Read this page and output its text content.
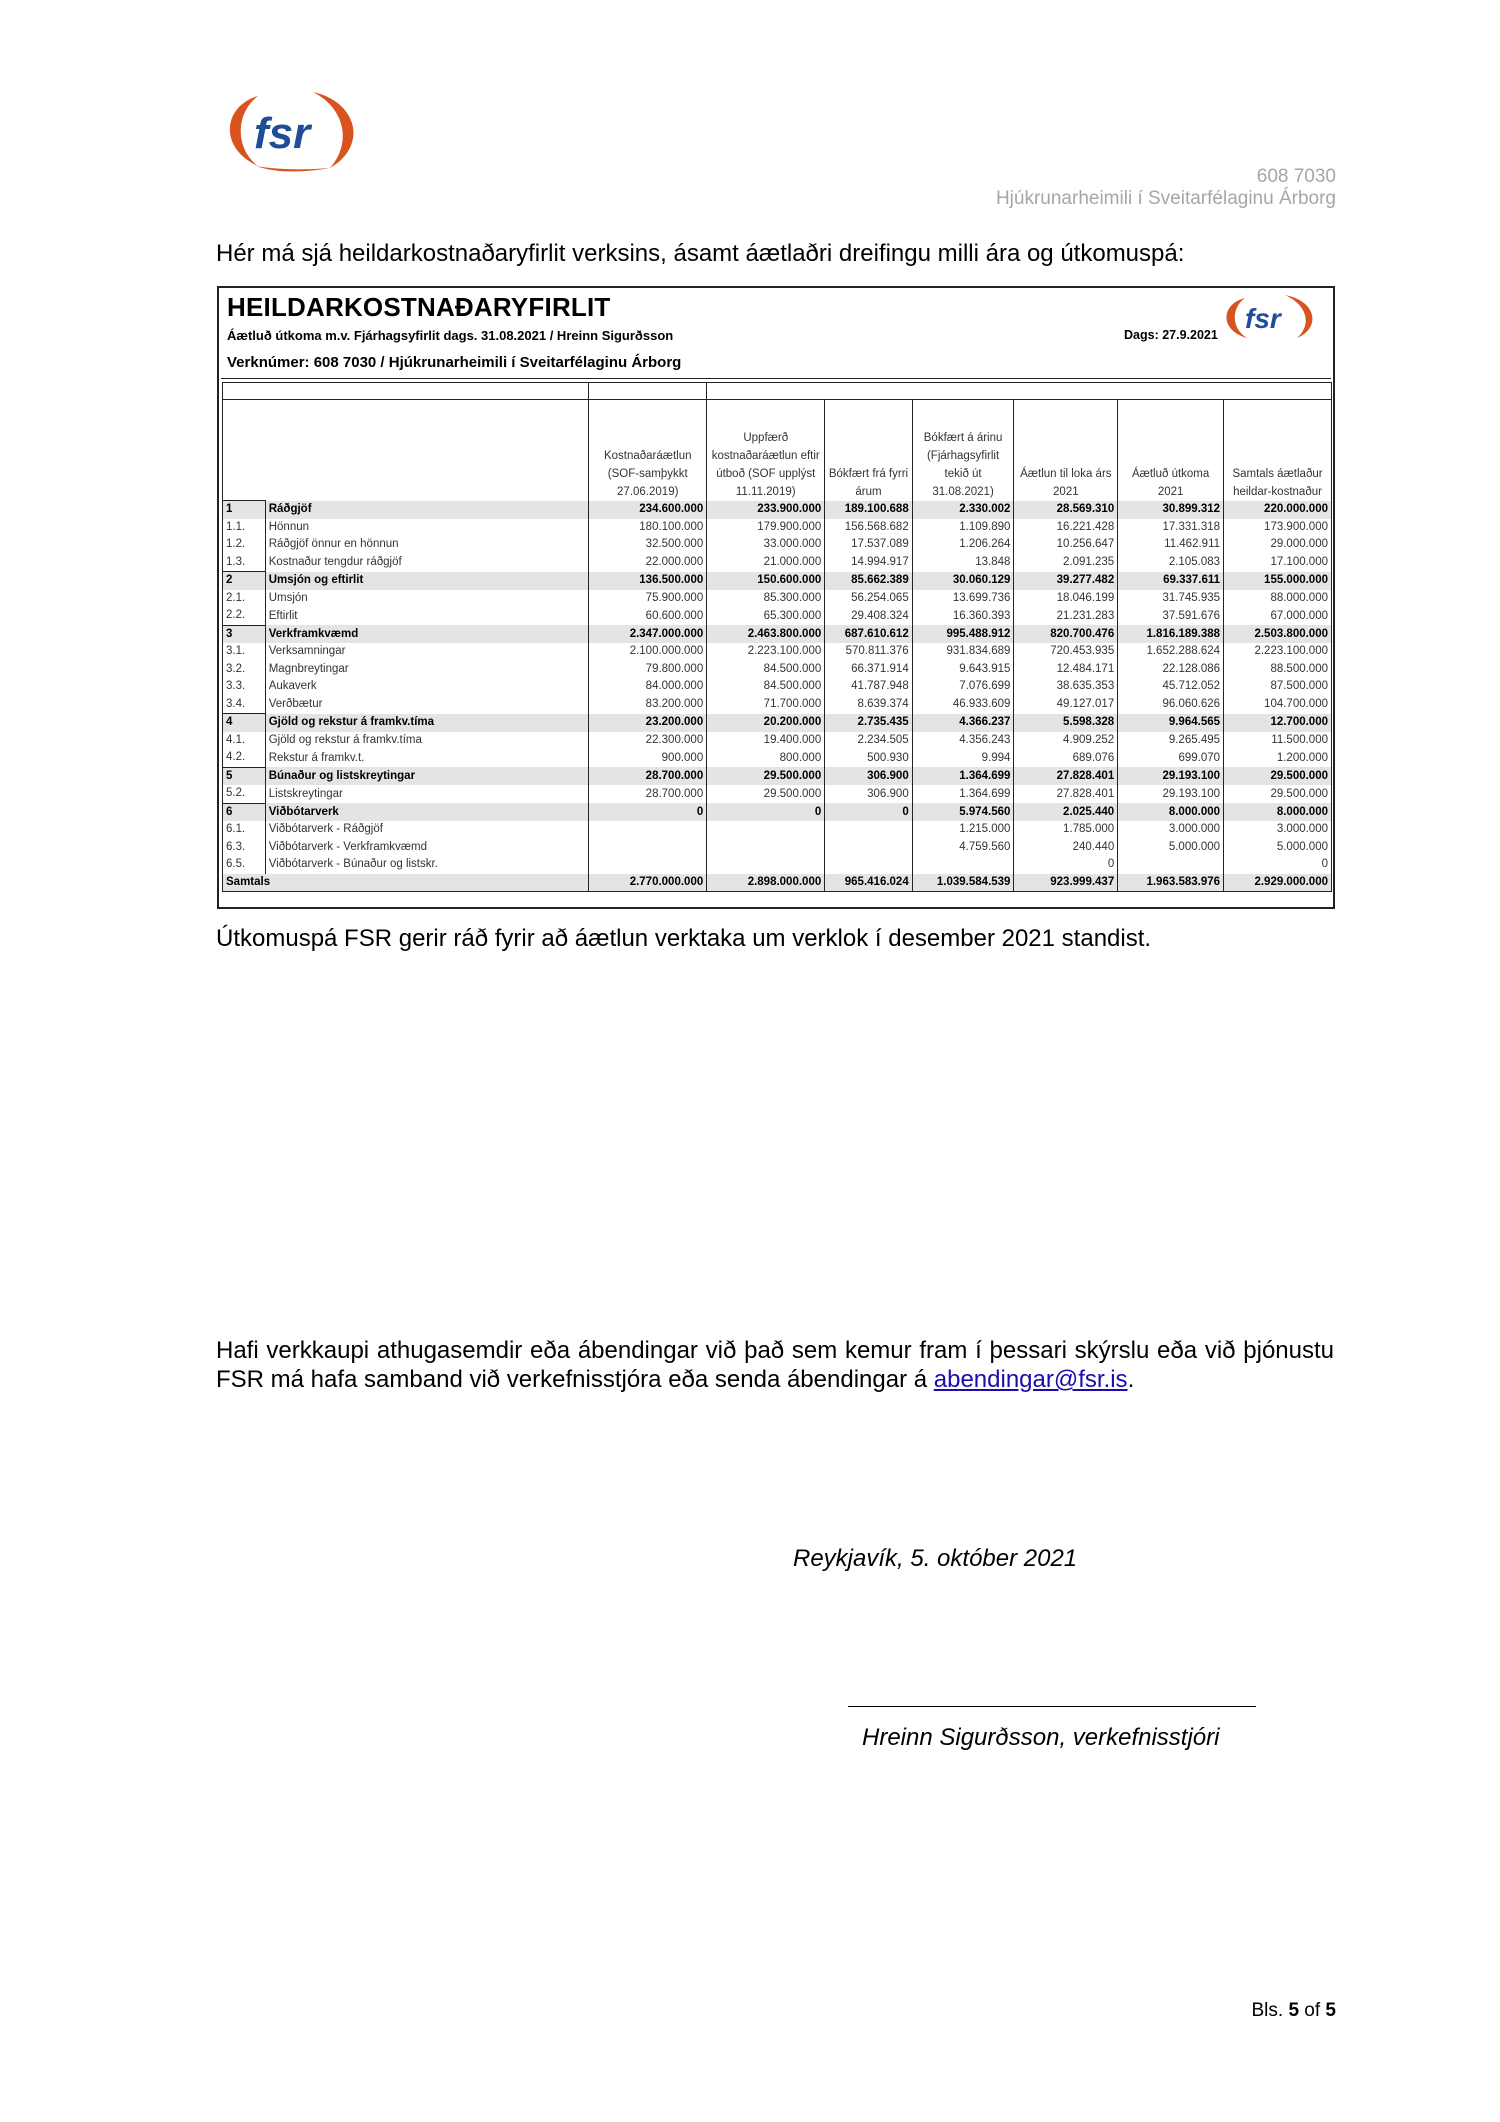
fsr
608 7030
Hjúkrunarheimili í Sveitarfélaginu Árborg
Hér má sjá heildarkostnaðaryfirlit verksins, ásamt áætlaðri dreifingu milli ára og útkomuspá:
HEILDARKOSTNAÐARYFIRLIT
Áætluð útkoma m.v. Fjárhagsyfirlit dags. 31.08.2021 / Hreinn Sigurðsson
Verknúmer: 608 7030 / Hjúkrunarheimili í Sveitarfélaginu Árborg
Dags: 27.9.2021
fsr

		Kostnaðaráætlun (SOF-samþykkt 27.06.2019)	Uppfærð kostnaðaráætlun eftir útboð (SOF upplýst 11.11.2019)	Bókfært frá fyrri árum	Bókfært á árinu (Fjárhagsyfirlit tekið út 31.08.2021)	Áætlun til loka árs 2021	Áætluð útkoma 2021	Samtals áætlaður heildar-kostnaður
1	Ráðgjöf	234.600.000	233.900.000	189.100.688	2.330.002	28.569.310	30.899.312	220.000.000
1.1.	Hönnun	180.100.000	179.900.000	156.568.682	1.109.890	16.221.428	17.331.318	173.900.000
1.2.	Ráðgjöf önnur en hönnun	32.500.000	33.000.000	17.537.089	1.206.264	10.256.647	11.462.911	29.000.000
1.3.	Kostnaður tengdur ráðgjöf	22.000.000	21.000.000	14.994.917	13.848	2.091.235	2.105.083	17.100.000
2	Umsjón og eftirlit	136.500.000	150.600.000	85.662.389	30.060.129	39.277.482	69.337.611	155.000.000
2.1.	Umsjón	75.900.000	85.300.000	56.254.065	13.699.736	18.046.199	31.745.935	88.000.000
2.2.	Eftirlit	60.600.000	65.300.000	29.408.324	16.360.393	21.231.283	37.591.676	67.000.000
3	Verkframkvæmd	2.347.000.000	2.463.800.000	687.610.612	995.488.912	820.700.476	1.816.189.388	2.503.800.000
3.1.	Verksamningar	2.100.000.000	2.223.100.000	570.811.376	931.834.689	720.453.935	1.652.288.624	2.223.100.000
3.2.	Magnbreytingar	79.800.000	84.500.000	66.371.914	9.643.915	12.484.171	22.128.086	88.500.000
3.3.	Aukaverk	84.000.000	84.500.000	41.787.948	7.076.699	38.635.353	45.712.052	87.500.000
3.4.	Verðbætur	83.200.000	71.700.000	8.639.374	46.933.609	49.127.017	96.060.626	104.700.000
4	Gjöld og rekstur á framkv.tíma	23.200.000	20.200.000	2.735.435	4.366.237	5.598.328	9.964.565	12.700.000
4.1.	Gjöld og rekstur á framkv.tíma	22.300.000	19.400.000	2.234.505	4.356.243	4.909.252	9.265.495	11.500.000
4.2.	Rekstur á framkv.t.	900.000	800.000	500.930	9.994	689.076	699.070	1.200.000
5	Búnaður og listskreytingar	28.700.000	29.500.000	306.900	1.364.699	27.828.401	29.193.100	29.500.000
5.2.	Listskreytingar	28.700.000	29.500.000	306.900	1.364.699	27.828.401	29.193.100	29.500.000
6	Viðbótarverk	0	0	0	5.974.560	2.025.440	8.000.000	8.000.000
6.1.	Viðbótarverk - Ráðgjöf				1.215.000	1.785.000	3.000.000	3.000.000
6.3.	Viðbótarverk - Verkframkvæmd				4.759.560	240.440	5.000.000	5.000.000
6.5.	Viðbótarverk - Búnaður og listskr.					0		0
Samtals		2.770.000.000	2.898.000.000	965.416.024	1.039.584.539	923.999.437	1.963.583.976	2.929.000.000
Útkomuspá FSR gerir ráð fyrir að áætlun verktaka um verklok í desember 2021 standist.
Hafi verkkaupi athugasemdir eða ábendingar við það sem kemur fram í þessari skýrslu eða við þjónustu FSR má hafa samband við verkefnisstjóra eða senda ábendingar á abendingar@fsr.is.
Reykjavík, 5. október 2021
Hreinn Sigurðsson, verkefnisstjóri
Bls. 5 of 5
